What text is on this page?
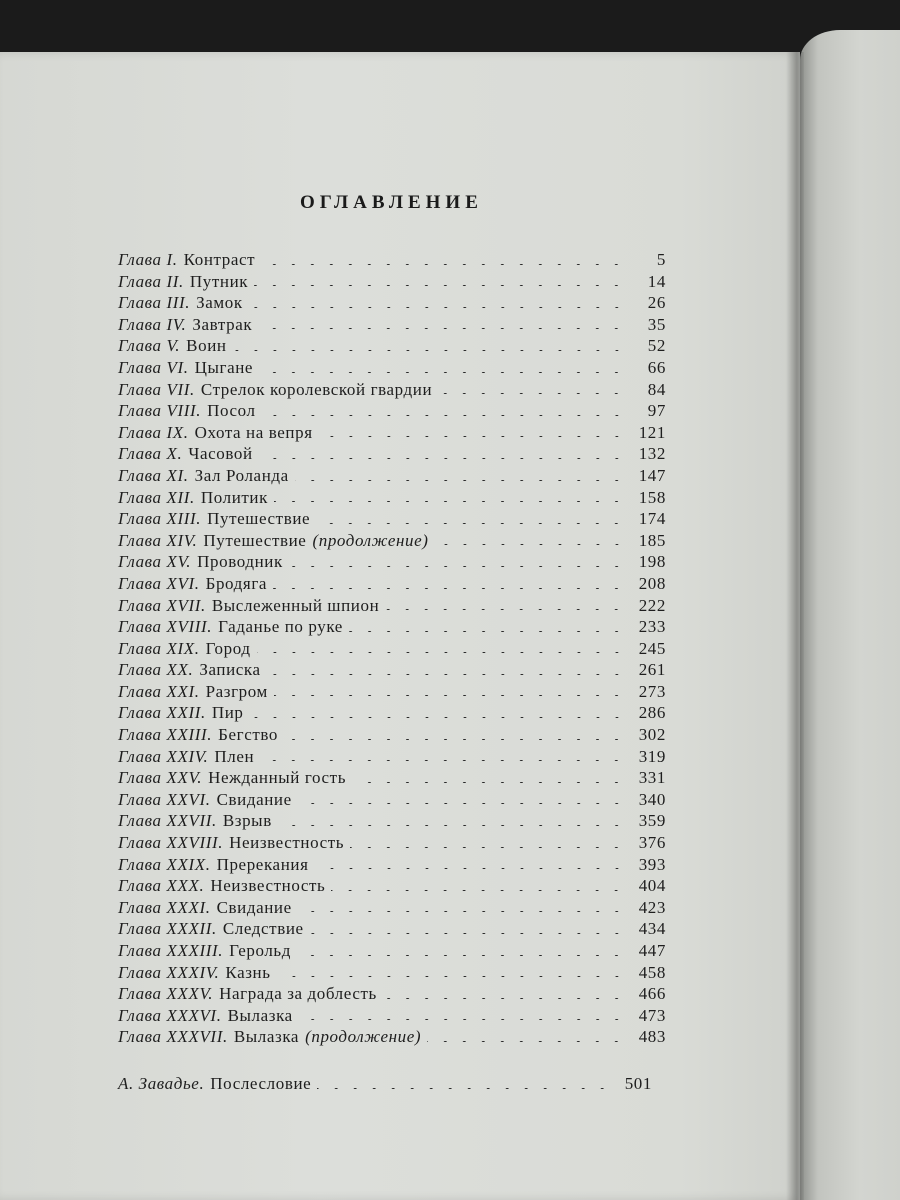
ОГЛАВЛЕНИЕ
Глава I. Контраст	5
Глава II. Путник	14
Глава III. Замок	26
Глава IV. Завтрак	35
Глава V. Воин	52
Глава VI. Цыгане	66
Глава VII. Стрелок королевской гвардии	84
Глава VIII. Посол	97
Глава IX. Охота на вепря	121
Глава X. Часовой	132
Глава XI. Зал Роланда	147
Глава XII. Политик	158
Глава XIII. Путешествие	174
Глава XIV. Путешествие (продолжение)	185
Глава XV. Проводник	198
Глава XVI. Бродяга	208
Глава XVII. Выслеженный шпион	222
Глава XVIII. Гаданье по руке	233
Глава XIX. Город	245
Глава XX. Записка	261
Глава XXI. Разгром	273
Глава XXII. Пир	286
Глава XXIII. Бегство	302
Глава XXIV. Плен	319
Глава XXV. Нежданный гость	331
Глава XXVI. Свидание	340
Глава XXVII. Взрыв	359
Глава XXVIII. Неизвестность	376
Глава XXIX. Пререкания	393
Глава XXX. Неизвестность	404
Глава XXXI. Свидание	423
Глава XXXII. Следствие	434
Глава XXXIII. Герольд	447
Глава XXXIV. Казнь	458
Глава XXXV. Награда за доблесть	466
Глава XXXVI. Вылазка	473
Глава XXXVII. Вылазка (продолжение)	483
А. Завадье. Послесловие	501
